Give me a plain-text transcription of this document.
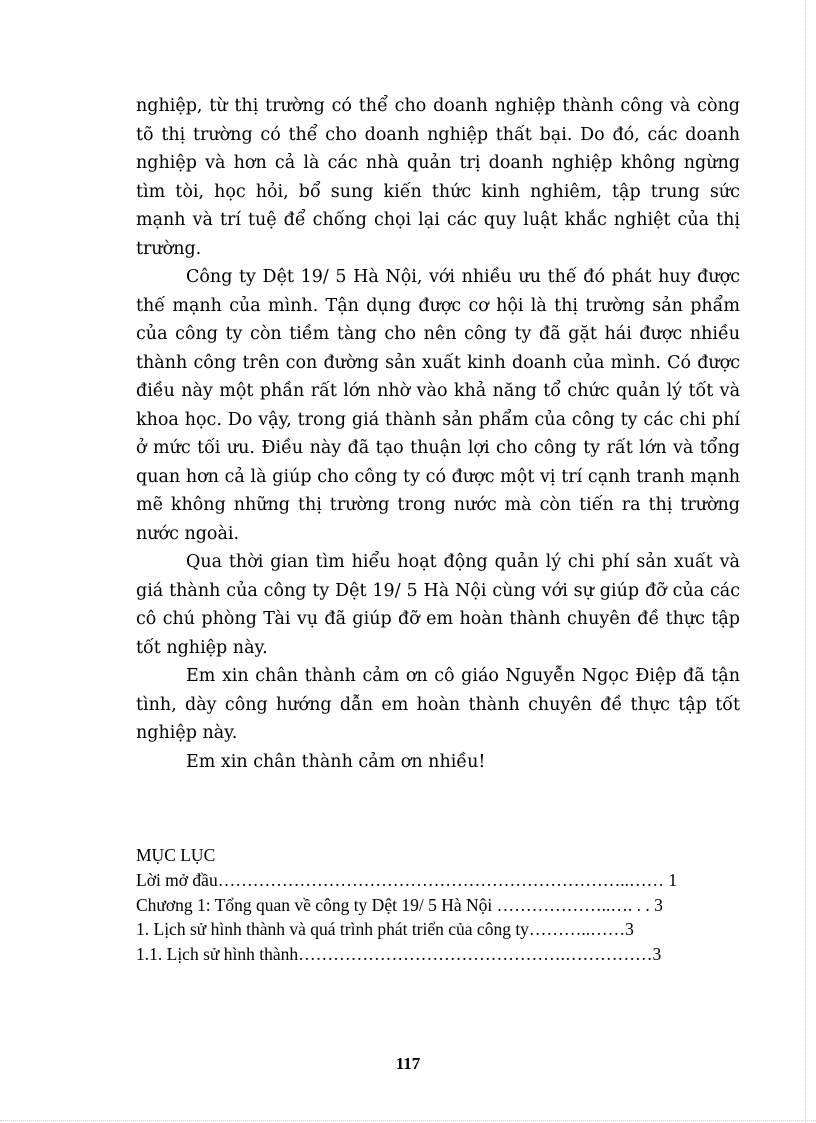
nghiệp, từ thị trường có thể cho doanh nghiệp thành công và còng tõ thị trường có thể cho doanh nghiệp thất bại. Do đó, các doanh nghiệp và hơn cả là các nhà quản trị doanh nghiệp không ngừng tìm tòi, học hỏi, bổ sung kiến thức kinh nghiêm, tập trung sức mạnh và trí tuệ để chống chọi lại các quy luật khắc nghiệt của thị trường.

Công ty Dệt 19/ 5 Hà Nội, với nhiều ưu thế đó phát huy được thế mạnh của mình. Tận dụng được cơ hội là thị trường sản phẩm của công ty còn tiềm tàng cho nên công ty đã gặt hái được nhiều thành công trên con đường sản xuất kinh doanh của mình. Có được điều này một phần rất lớn nhờ vào khả năng tổ chức quản lý tốt và khoa học. Do vậy, trong giá thành sản phẩm của công ty các chi phí ở mức tối ưu. Điều này đã tạo thuận lợi cho công ty rất lớn và tổng quan hơn cả là giúp cho công ty có được một vị trí cạnh tranh mạnh mẽ không những thị trường trong nước mà còn tiến ra thị trường nước ngoài.

Qua thời gian tìm hiểu hoạt động quản lý chi phí sản xuất và giá thành của công ty Dệt 19/ 5 Hà Nội cùng với sự giúp đỡ của các cô chú phòng Tài vụ đã giúp đỡ em hoàn thành chuyên đề thực tập tốt nghiệp này.

Em xin chân thành cảm ơn cô giáo Nguyễn Ngọc Điệp đã tận tình, dày công hướng dẫn em hoàn thành chuyên đề thực tập tốt nghiệp này.

Em xin chân thành cảm ơn nhiều!

MỤC LỤC

Lời mở đầu……………………………………………………………..…… 1

Chương 1: Tổng quan về công ty Dệt 19/ 5 Hà Nội ………………..…. . . 3

1. Lịch sử hình thành và quá trình phát triển của công ty………..……3

1.1. Lịch sử hình thành……………………………………….……………3

117
